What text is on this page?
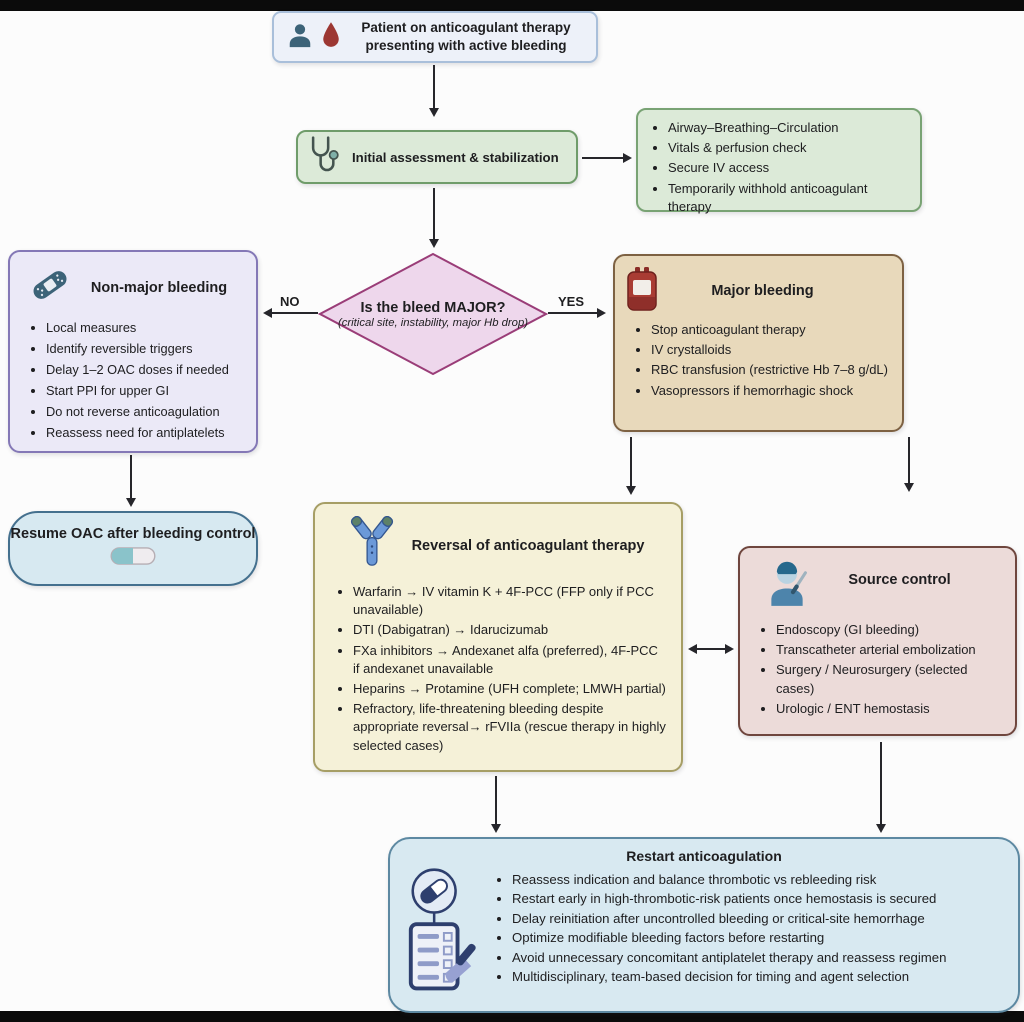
Patient on anticoagulant therapy presenting with active bleeding
Initial assessment & stabilization
• Airway–Breathing–Circulation
• Vitals & perfusion check
• Secure IV access
• Temporarily withhold anticoagulant therapy
Is the bleed MAJOR?
(critical site, instability, major Hb drop)
NO	YES
Non-major bleeding
• Local measures
• Identify reversible triggers
• Delay 1–2 OAC doses if needed
• Start PPI for upper GI
• Do not reverse anticoagulation
• Reassess need for antiplatelets
Resume OAC after bleeding control
Major bleeding
• Stop anticoagulant therapy
• IV crystalloids
• RBC transfusion (restrictive Hb 7–8 g/dL)
• Vasopressors if hemorrhagic shock
Reversal of anticoagulant therapy
• Warfarin → IV vitamin K + 4F-PCC (FFP only if PCC unavailable)
• DTI (Dabigatran) → Idarucizumab
• FXa inhibitors → Andexanet alfa (preferred), 4F-PCC if andexanet unavailable
• Heparins → Protamine (UFH complete; LMWH partial)
• Refractory, life-threatening bleeding despite appropriate reversal→ rFVIIa (rescue therapy in highly selected cases)
Source control
• Endoscopy (GI bleeding)
• Transcatheter arterial embolization
• Surgery / Neurosurgery (selected cases)
• Urologic / ENT hemostasis
Restart anticoagulation
• Reassess indication and balance thrombotic vs rebleeding risk
• Restart early in high-thrombotic-risk patients once hemostasis is secured
• Delay reinitiation after uncontrolled bleeding or critical-site hemorrhage
• Optimize modifiable bleeding factors before restarting
• Avoid unnecessary concomitant antiplatelet therapy and reassess regimen
• Multidisciplinary, team-based decision for timing and agent selection
